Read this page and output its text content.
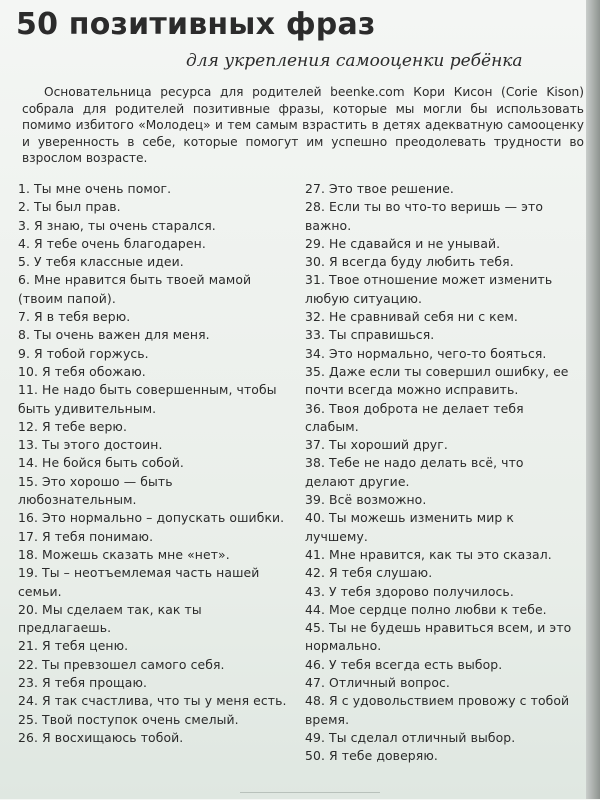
50 позитивных фраз
для укрепления самооценки ребёнка

Основательница ресурса для родителей beenke.com Кори Кисон (Corie Kison) собрала для родителей позитивные фразы, которые мы могли бы использовать помимо избитого «Молодец» и тем самым взрастить в детях адекватную самооценку и уверенность в себе, которые помогут им успешно преодолевать трудности во взрослом возрасте.

1. Ты мне очень помог.

2. Ты был прав.

3. Я знаю, ты очень старался.

4. Я тебе очень благодарен.

5. У тебя классные идеи.

6. Мне нравится быть твоей мамой (твоим папой).

7. Я в тебя верю.

8. Ты очень важен для меня.

9. Я тобой горжусь.

10. Я тебя обожаю.

11. Не надо быть совершенным, чтобы быть удивительным.

12. Я тебе верю.

13. Ты этого достоин.

14. Не бойся быть собой.

15. Это хорошо — быть любознательным.

16. Это нормально – допускать ошибки.

17. Я тебя понимаю.

18. Можешь сказать мне «нет».

19. Ты – неотъемлемая часть нашей семьи.

20. Мы сделаем так, как ты предлагаешь.

21. Я тебя ценю.

22. Ты превзошел самого себя.

23. Я тебя прощаю.

24. Я так счастлива, что ты у меня есть.

25. Твой поступок очень смелый.

26. Я восхищаюсь тобой.

27. Это твое решение.

28. Если ты во что-то веришь — это важно.

29. Не сдавайся и не унывай.

30. Я всегда буду любить тебя.

31. Твое отношение может изменить любую ситуацию.

32. Не сравнивай себя ни с кем.

33. Ты справишься.

34. Это нормально, чего-то бояться.

35. Даже если ты совершил ошибку, ее почти всегда можно исправить.

36. Твоя доброта не делает тебя слабым.

37. Ты хороший друг.

38. Тебе не надо делать всё, что делают другие.

39. Всё возможно.

40. Ты можешь изменить мир к лучшему.

41. Мне нравится, как ты это сказал.

42. Я тебя слушаю.

43. У тебя здорово получилось.

44. Мое сердце полно любви к тебе.

45. Ты не будешь нравиться всем, и это нормально.

46. У тебя всегда есть выбор.

47. Отличный вопрос.

48. Я с удовольствием провожу с тобой время.

49. Ты сделал отличный выбор.

50. Я тебе доверяю.
